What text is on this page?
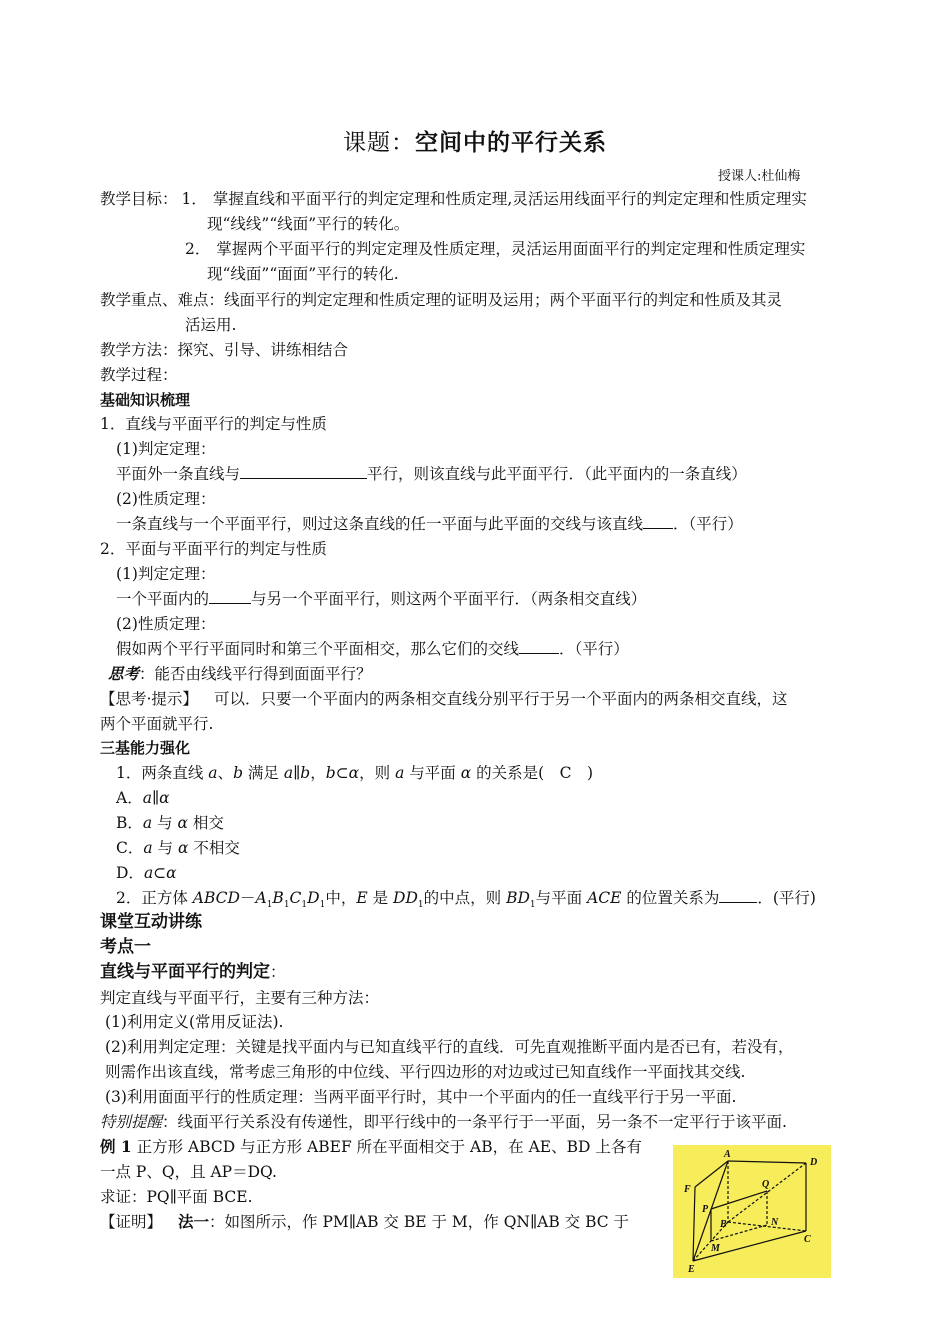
课题：空间中的平行关系
授课人:杜仙梅
教学目标： 1． 掌握直线和平面平行的判定定理和性质定理,灵活运用线面平行的判定定理和性质定理实
现“线线”“线面”平行的转化。
2． 掌握两个平面平行的判定定理及性质定理，灵活运用面面平行的判定定理和性质定理实
现“线面”“面面”平行的转化.
教学重点、难点：线面平行的判定定理和性质定理的证明及运用；两个平面平行的判定和性质及其灵
活运用.
教学方法：探究、引导、讲练相结合
教学过程：
基础知识梳理
1．直线与平面平行的判定与性质
(1)判定定理：
平面外一条直线与	平行，则该直线与此平面平行．（此平面内的一条直线）
(2)性质定理：
一条直线与一个平面平行，则过这条直线的任一平面与此平面的交线与该直线 ．（平行）
2．平面与平面平行的判定与性质
(1)判定定理：
一个平面内的	与另一个平面平行，则这两个平面平行．（两条相交直线）
(2)性质定理：
假如两个平行平面同时和第三个平面相交，那么它们的交线	．（平行）
思考：能否由线线平行得到面面平行？
【思考·提示】 可以．只要一个平面内的两条相交直线分别平行于另一个平面内的两条相交直线，这
两个平面就平行.
三基能力强化
1．两条直线 a、b 满足 a∥b，b⊂α，则 a 与平面 α 的关系是(　C　)
A．a∥α
B．a 与 α 相交
C．a 与 α 不相交
D．a⊂α
2．正方体 $ABCD-A_1B_1C_1D_1$中，E 是 $DD_1$的中点，则 $BD_1$与平面 ACE 的位置关系为 ．(平行)
课堂互动讲练
考点一
直线与平面平行的判定：
判定直线与平面平行，主要有三种方法：
(1)利用定义(常用反证法).
(2)利用判定定理：关键是找平面内与已知直线平行的直线．可先直观推断平面内是否已有，若没有，
则需作出该直线，常考虑三角形的中位线、平行四边形的对边或过已知直线作一平面找其交线.
(3)利用面面平行的性质定理：当两平面平行时，其中一个平面内的任一直线平行于另一平面.
特别提醒：线面平行关系没有传递性，即平行线中的一条平行于一平面，另一条不一定平行于该平面.
例 1 正方形 ABCD 与正方形 ABEF 所在平面相交于 AB，在 AE、BD 上各有
一点 P、Q，且 AP＝DQ.
求证：PQ∥平面 BCE.
【证明】 法一：如图所示，作 PM∥AB 交 BE 于 M，作 QN∥AB 交 BC 于
A
D
F	Q
P
B	N
C
M
E
